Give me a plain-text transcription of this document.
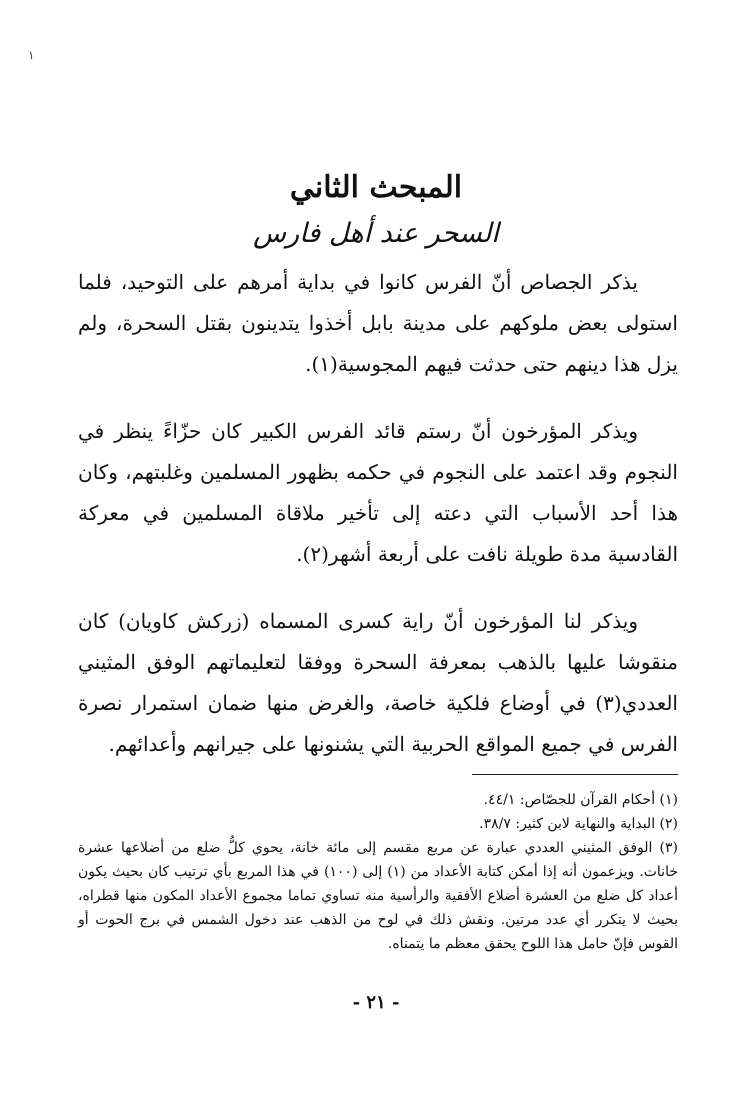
١
المبحث الثاني
السحر عند أهل فارس

يذكر الجصاص أنّ الفرس كانوا في بداية أمرهم على التوحيد، فلما استولى بعض ملوكهم على مدينة بابل أخذوا يتدينون بقتل السحرة، ولم يزل هذا دينهم حتى حدثت فيهم المجوسية(١).

ويذكر المؤرخون أنّ رستم قائد الفرس الكبير كان حزّاءً ينظر في النجوم وقد اعتمد على النجوم في حكمه بظهور المسلمين وغلبتهم، وكان هذا أحد الأسباب التي دعته إلى تأخير ملاقاة المسلمين في معركة القادسية مدة طويلة نافت على أربعة أشهر(٢).

ويذكر لنا المؤرخون أنّ راية كسرى المسماه (زركش كاويان) كان منقوشا عليها بالذهب بمعرفة السحرة ووفقا لتعليماتهم الوفق المثيني العددي(٣) في أوضاع فلكية خاصة، والغرض منها ضمان استمرار نصرة الفرس في جميع المواقع الحربية التي يشنونها على جيرانهم وأعدائهم.

(١) أحكام القرآن للجصّاص: ٤٤/١.

(٢) البداية والنهاية لابن كثير: ٣٨/٧.

(٣) الوفق المثيني العددي عبارة عن مربع مقسم إلى مائة خانة، يحوي كلُّ ضلع من أضلاعها عشرة خانات. ويزعمون أنه إذا أمكن كتابة الأعداد من (١) إلى (١٠٠) في هذا المربع بأي ترتيب كان بحيث يكون أعداد كل ضلع من العشرة أضلاع الأفقية والرأسية منه تساوي تماما مجموع الأعداد المكون منها قطراه، بحيث لا يتكرر أي عدد مرتين. ونقش ذلك في لوح من الذهب عند دخول الشمس في برج الحوت أو القوس فإنّ حامل هذا اللوح يحقق معظم ما يتمناه.

- ٢١ -
